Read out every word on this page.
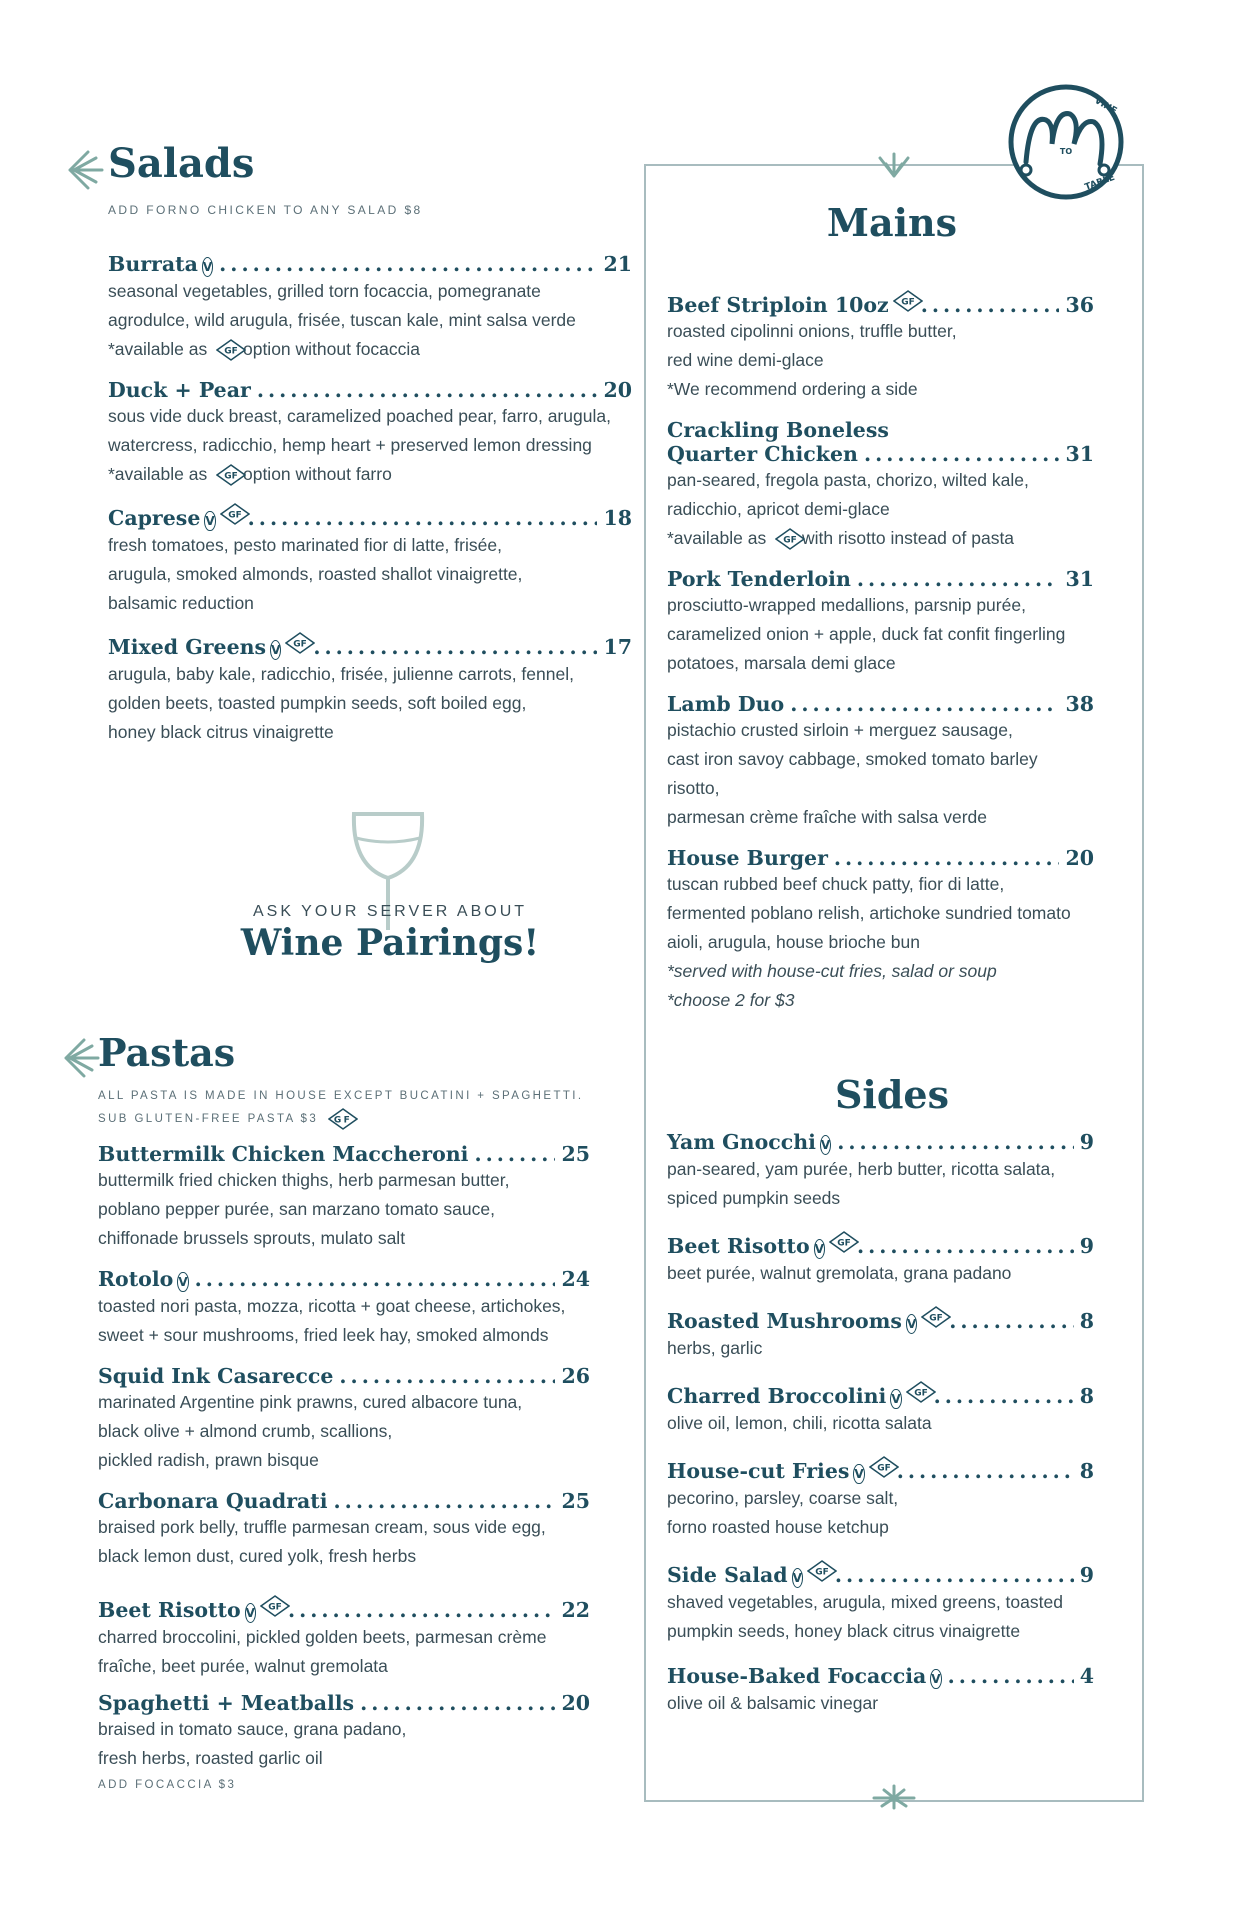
Salads
ADD FORNO CHICKEN TO ANY SALAD $8
Burrata V .....	21
seasonal vegetables, grilled torn focaccia, pomegranate
agrodulce, wild arugula, frisée, tuscan kale, mint salsa verde
*available as GF option without focaccia
Duck + Pear .....	20
sous vide duck breast, caramelized poached pear, farro, arugula,
watercress, radicchio, hemp heart + preserved lemon dressing
*available as GF option without farro
Caprese V GF .....	18
fresh tomatoes, pesto marinated fior di latte, frisée,
arugula, smoked almonds, roasted shallot vinaigrette,
balsamic reduction
Mixed Greens V GF .....	17
arugula, baby kale, radicchio, frisée, julienne carrots, fennel,
golden beets, toasted pumpkin seeds, soft boiled egg,
honey black citrus vinaigrette
ASK YOUR SERVER ABOUT
Wine Pairings!
Pastas
ALL PASTA IS MADE IN HOUSE EXCEPT BUCATINI + SPAGHETTI.
SUB GLUTEN-FREE PASTA $3 GF
Buttermilk Chicken Maccheroni .....	25
buttermilk fried chicken thighs, herb parmesan butter,
poblano pepper purée, san marzano tomato sauce,
chiffonade brussels sprouts, mulato salt
Rotolo V .....	24
toasted nori pasta, mozza, ricotta + goat cheese, artichokes,
sweet + sour mushrooms, fried leek hay, smoked almonds
Squid Ink Casarecce .....	26
marinated Argentine pink prawns, cured albacore tuna,
black olive + almond crumb, scallions,
pickled radish, prawn bisque
Carbonara Quadrati .....	25
braised pork belly, truffle parmesan cream, sous vide egg,
black lemon dust, cured yolk, fresh herbs
Beet Risotto V GF .....	22
charred broccolini, pickled golden beets, parmesan crème
fraîche, beet purée, walnut gremolata
Spaghetti + Meatballs .....	20
braised in tomato sauce, grana padano,
fresh herbs, roasted garlic oil
ADD FOCACCIA $3
VINE
TO
TABLE
Mains
Beef Striploin 10oz GF .....	36
roasted cipolinni onions, truffle butter,
red wine demi-glace
*We recommend ordering a side
Crackling Boneless
Quarter Chicken .....	31
pan-seared, fregola pasta, chorizo, wilted kale,
radicchio, apricot demi-glace
*available as GF with risotto instead of pasta
Pork Tenderloin .....	31
prosciutto-wrapped medallions, parsnip purée,
caramelized onion + apple, duck fat confit fingerling
potatoes, marsala demi glace
Lamb Duo .....	38
pistachio crusted sirloin + merguez sausage,
cast iron savoy cabbage, smoked tomato barley risotto,
parmesan crème fraîche with salsa verde
House Burger .....	20
tuscan rubbed beef chuck patty, fior di latte,
fermented poblano relish, artichoke sundried tomato
aioli, arugula, house brioche bun
*served with house-cut fries, salad or soup
*choose 2 for $3
Sides
Yam Gnocchi V .....	9
pan-seared, yam purée, herb butter, ricotta salata,
spiced pumpkin seeds
Beet Risotto V GF .....	9
beet purée, walnut gremolata, grana padano
Roasted Mushrooms V GF .....	8
herbs, garlic
Charred Broccolini V GF .....	8
olive oil, lemon, chili, ricotta salata
House-cut Fries V GF .....	8
pecorino, parsley, coarse salt,
forno roasted house ketchup
Side Salad V GF .....	9
shaved vegetables, arugula, mixed greens, toasted
pumpkin seeds, honey black citrus vinaigrette
House-Baked Focaccia V .....	4
olive oil & balsamic vinegar
